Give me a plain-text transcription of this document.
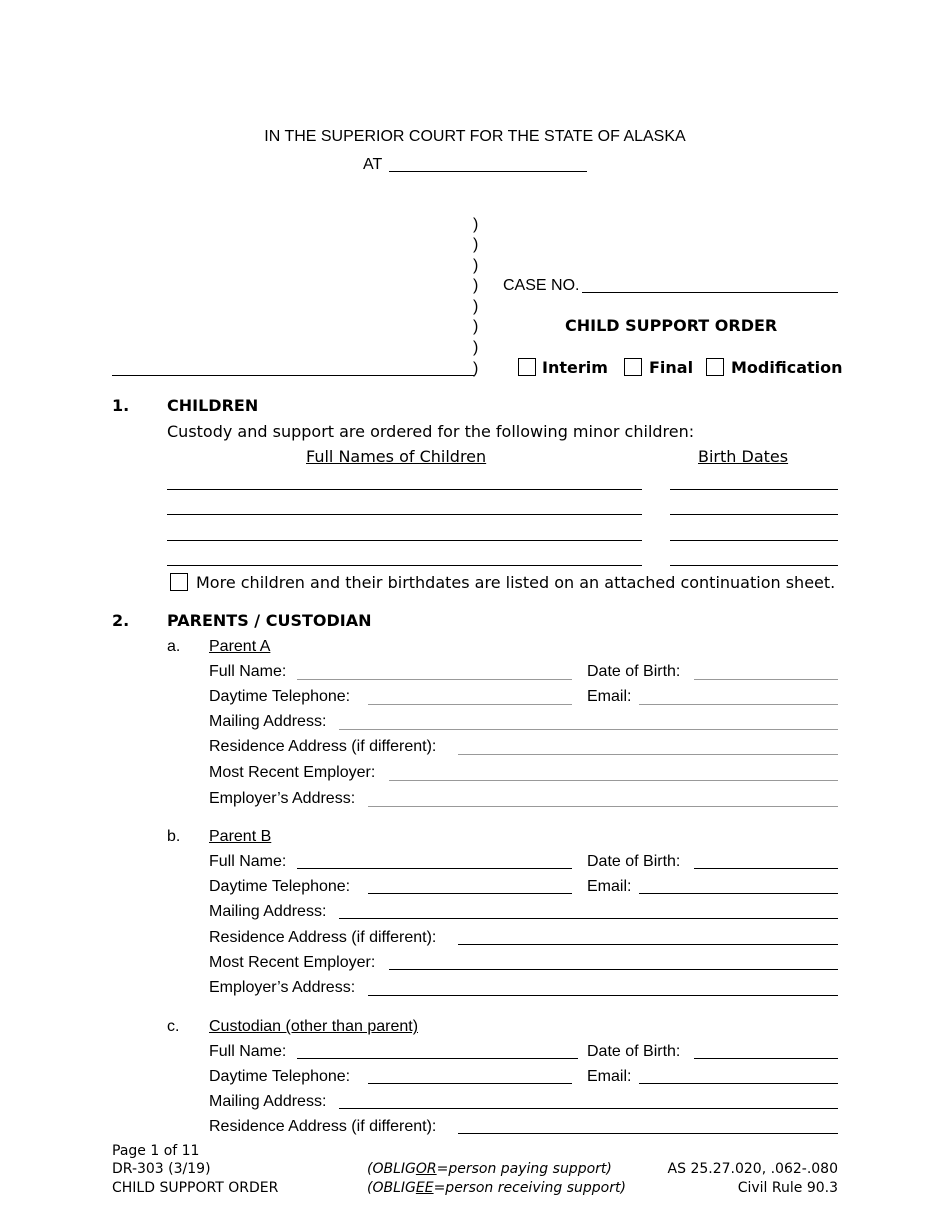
IN THE SUPERIOR COURT FOR THE STATE OF ALASKA
AT
)
)
)
)
)
)
)
)
CASE NO.
CHILD SUPPORT ORDER
Interim	Final Modification
1. CHILDREN
Custody and support are ordered for the following minor children:
Full Names of Children	Birth Dates
More children and their birthdates are listed on an attached continuation sheet.
2. PARENTS / CUSTODIAN
a. Parent A
Full Name:	Date of Birth:
Daytime Telephone:	Email:
Mailing Address:
Residence Address (if different):
Most Recent Employer:
Employer’s Address:
b. Parent B
Full Name:	Date of Birth:
Daytime Telephone:	Email:
Mailing Address:
Residence Address (if different):
Most Recent Employer:
Employer’s Address:
c. Custodian (other than parent)
Full Name:	Date of Birth:
Daytime Telephone:	Email:
Mailing Address:
Residence Address (if different):
Page 1 of 11
DR-303 (3/19)
CHILD SUPPORT ORDER
(OBLIGOR=person paying support)
(OBLIGEE=person receiving support)
AS 25.27.020, .062-.080
Civil Rule 90.3
